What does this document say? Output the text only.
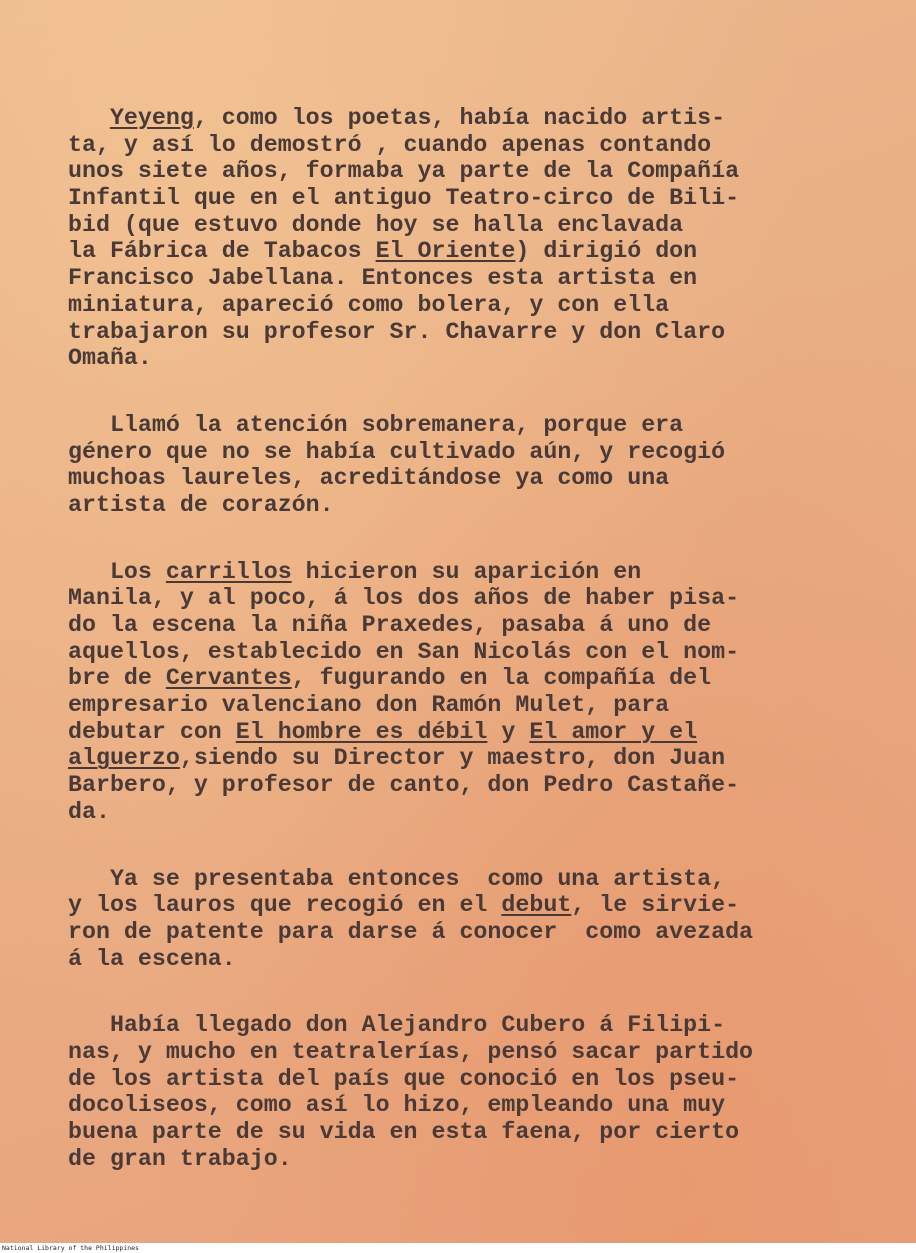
Yeyeng, como los poetas, había nacido artis-
ta, y así lo demostró , cuando apenas contando
unos siete años, formaba ya parte de la Compañía
Infantil que en el antiguo Teatro-circo de Bili-
bid (que estuvo donde hoy se halla enclavada
la Fábrica de Tabacos El Oriente) dirigió don
Francisco Jabellana. Entonces esta artista en
miniatura, apareció como bolera, y con ella
trabajaron su profesor Sr. Chavarre y don Claro
Omaña.
Llamó la atención sobremanera, porque era
género que no se había cultivado aún, y recogió
muchoas laureles, acreditándose ya como una
artista de corazón.
Los carrillos hicieron su aparición en
Manila, y al poco, á los dos años de haber pisa-
do la escena la niña Praxedes, pasaba á uno de
aquellos, establecido en San Nicolás con el nom-
bre de Cervantes, fugurando en la compañía del
empresario valenciano don Ramón Mulet, para
debutar con El hombre es débil y El amor y el
alguerzo,siendo su Director y maestro, don Juan
Barbero, y profesor de canto, don Pedro Castañe-
da.
Ya se presentaba entonces  como una artista,
y los lauros que recogió en el debut, le sirvie-
ron de patente para darse á conocer  como avezada
á la escena.
Había llegado don Alejandro Cubero á Filipi-
nas, y mucho en teatralerías, pensó sacar partido
de los artista del país que conoció en los pseu-
docoliseos, como así lo hizo, empleando una muy
buena parte de su vida en esta faena, por cierto
de gran trabajo.
National Library of the Philippines
